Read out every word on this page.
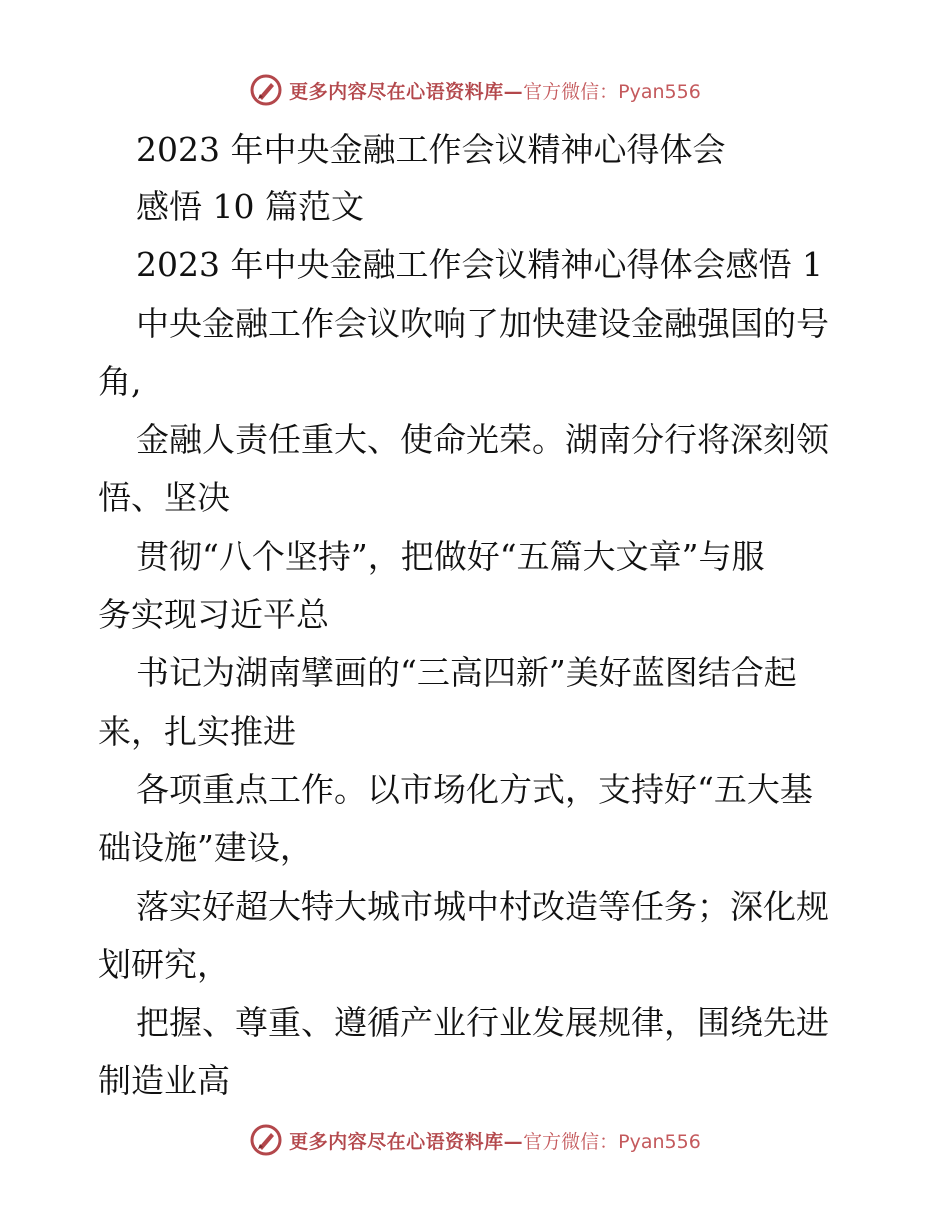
更多内容尽在心语资料库— 官方微信：Pyan556
2023 年中央金融工作会议精神心得体会
感悟 10 篇范文
2023 年中央金融工作会议精神心得体会感悟 1
中央金融工作会议吹响了加快建设金融强国的号
角,
金融人责任重大、使命光荣。湖南分行将深刻领
悟、坚决
贯彻“八个坚持”，把做好“五篇大文章”与服
务实现习近平总
书记为湖南擘画的“三高四新”美好蓝图结合起
来，扎实推进
各项重点工作。以市场化方式，支持好“五大基
础设施”建设，
落实好超大特大城市城中村改造等任务；深化规
划研究，
把握、尊重、遵循产业行业发展规律，围绕先进
制造业高
更多内容尽在心语资料库— 官方微信：Pyan556
